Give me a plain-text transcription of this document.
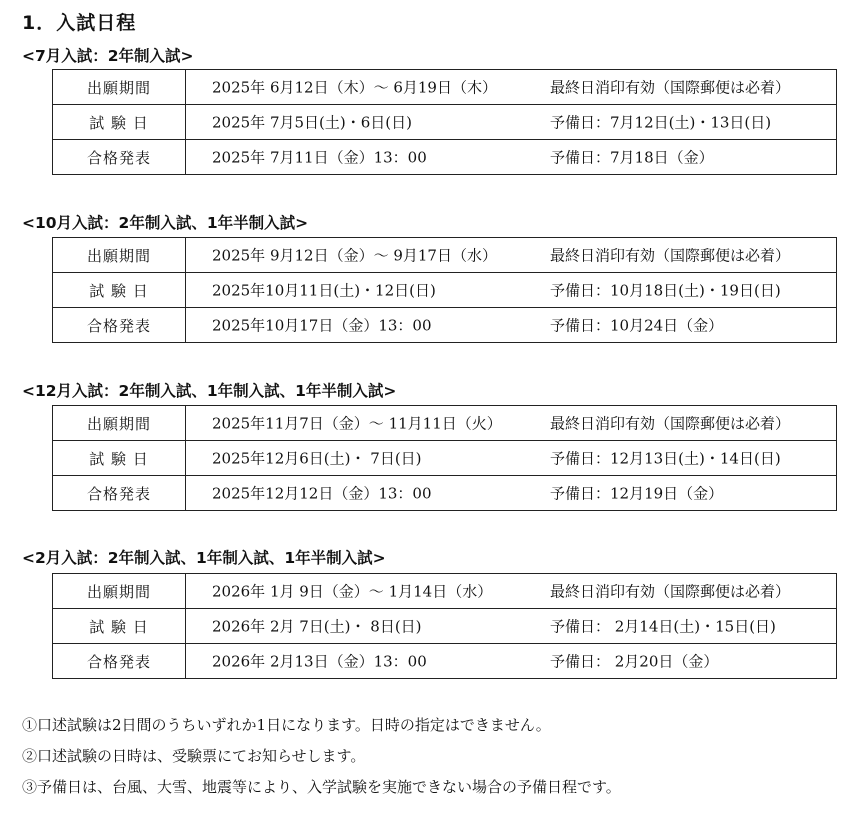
1．入試日程
<7月入試：2年制入試>
出願期間	2025年 6月12日（木）～ 6月19日（木） 最終日消印有効（国際郵便は必着）

試 験 日	2025年 7月5日(土)・6日(日) 予備日：7月12日(土)・13日(日)

合格発表	2025年 7月11日（金）13：00 予備日：7月18日（金）
<10月入試：2年制入試、1年半制入試>
出願期間	2025年 9月12日（金）～ 9月17日（水） 最終日消印有効（国際郵便は必着）

試 験 日	2025年10月11日(土)・12日(日) 予備日：10月18日(土)・19日(日)

合格発表	2025年10月17日（金）13：00 予備日：10月24日（金）
<12月入試：2年制入試、1年制入試、1年半制入試>
出願期間	2025年11月7日（金）～ 11月11日（火） 最終日消印有効（国際郵便は必着）

試 験 日	2025年12月6日(土)・ 7日(日) 予備日：12月13日(土)・14日(日)

合格発表	2025年12月12日（金）13：00 予備日：12月19日（金）
<2月入試：2年制入試、1年制入試、1年半制入試>
出願期間	2026年 1月 9日（金）～ 1月14日（水） 最終日消印有効（国際郵便は必着）

試 験 日	2026年 2月 7日(土)・ 8日(日) 予備日： 2月14日(土)・15日(日)

合格発表	2026年 2月13日（金）13：00 予備日： 2月20日（金）
①口述試験は2日間のうちいずれか1日になります。日時の指定はできません。
②口述試験の日時は、受験票にてお知らせします。
③予備日は、台風、大雪、地震等により、入学試験を実施できない場合の予備日程です。
